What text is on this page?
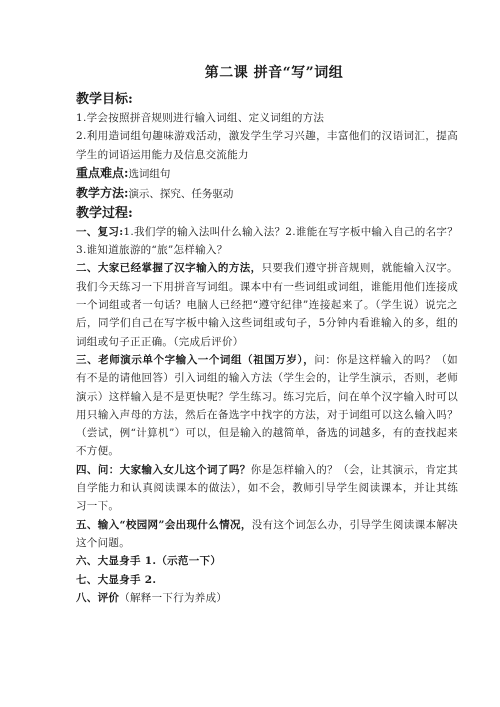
第二课 拼音“写”词组
教学目标:

1.学会按照拼音规则进行输入词组、定义词组的方法

2.利用造词组句趣味游戏活动，激发学生学习兴趣，丰富他们的汉语词汇，提高学生的词语运用能力及信息交流能力

重点难点:选词组句

教学方法:演示、探究、任务驱动

教学过程:

一、复习:1.我们学的输入法叫什么输入法？2.谁能在写字板中输入自己的名字？3.谁知道旅游的“旅”怎样输入？

二、大家已经掌握了汉字输入的方法，只要我们遵守拼音规则，就能输入汉字。我们今天练习一下用拼音写词组。课本中有一些词组或词组，谁能用他们连接成一个词组或者一句话？电脑人已经把“遵守纪律”连接起来了。（学生说）说完之后，同学们自己在写字板中输入这些词组或句子，5分钟内看谁输入的多，组的词组或句子正正确。（完成后评价）

三、老师演示单个字输入一个词组（祖国万岁），问：你是这样输入的吗？（如有不是的请他回答）引入词组的输入方法（学生会的，让学生演示，否则，老师演示）这样输入是不是更快呢？学生练习。练习完后，问在单个汉字输入时可以用只输入声母的方法，然后在备选字中找字的方法，对于词组可以这么输入吗？（尝试，例“计算机”）可以，但是输入的越简单，备选的词越多，有的查找起来不方便。

四、问：大家输入女儿这个词了吗？你是怎样输入的？（会，让其演示，肯定其自学能力和认真阅读课本的做法），如不会，教师引导学生阅读课本，并让其练习一下。

五、输入“校园网”会出现什么情况，没有这个词怎么办，引导学生阅读课本解决这个问题。

六、大显身手 1.（示范一下）

七、大显身手 2.

八、评价（解释一下行为养成）
